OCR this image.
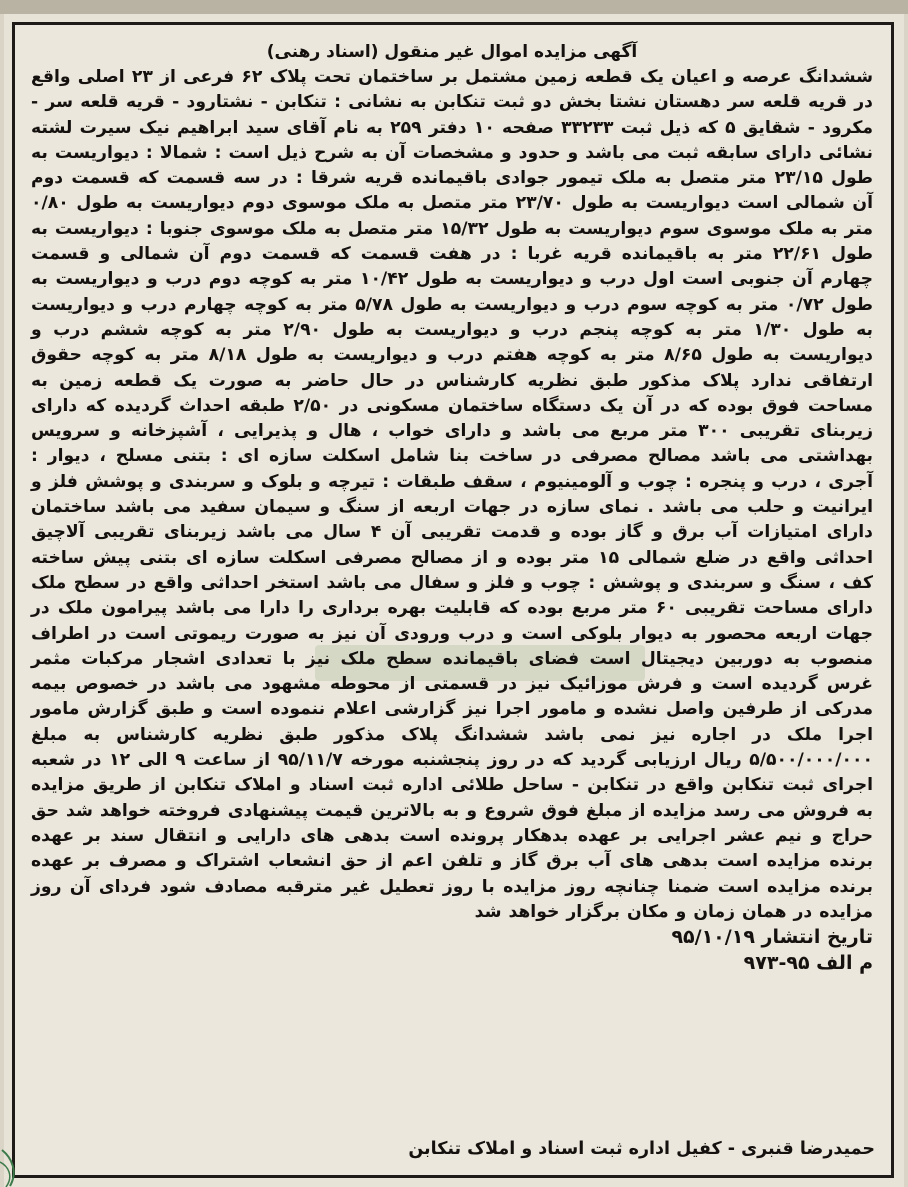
آگهی مزایده اموال غیر منقول (اسناد رهنی)

ششدانگ عرصه و اعیان یک قطعه زمین مشتمل بر ساختمان تحت پلاک ۶۲ فرعی از ۲۳ اصلی واقع در قریه قلعه سر دهستان نشتا بخش دو ثبت تنکابن به نشانی : تنکابن - نشتارود - قریه قلعه سر - مکرود - شقایق ۵ که ذیل ثبت ۳۳۲۳۳ صفحه ۱۰ دفتر ۲۵۹ به نام آقای سید ابراهیم نیک سیرت لشته نشائی دارای سابقه ثبت می باشد و حدود و مشخصات آن به شرح ذیل است : شمالا : دیواریست به طول ۲۳/۱۵ متر متصل به ملک تیمور جوادی باقیمانده قریه شرقا : در سه قسمت که قسمت دوم آن شمالی است دیواریست به طول ۲۳/۷۰ متر متصل به ملک موسوی دوم دیواریست به طول ۰/۸۰ متر به ملک موسوی سوم دیواریست به طول ۱۵/۳۲ متر متصل به ملک موسوی جنوبا : دیواریست به طول ۲۲/۶۱ متر به باقیمانده قریه غربا : در هفت قسمت که قسمت دوم آن شمالی و قسمت چهارم آن جنوبی است اول درب و دیواریست به طول ۱۰/۴۲ متر به کوچه دوم درب و دیواریست به طول ۰/۷۲ متر به کوچه سوم درب و دیواریست به طول ۵/۷۸ متر به کوچه چهارم درب و دیواریست به طول ۱/۳۰ متر به کوچه پنجم درب و دیواریست به طول ۲/۹۰ متر به کوچه ششم درب و دیواریست به طول ۸/۶۵ متر به کوچه هفتم درب و دیواریست به طول ۸/۱۸ متر به کوچه حقوق ارتفاقی ندارد پلاک مذکور طبق نظریه کارشناس در حال حاضر به صورت یک قطعه زمین به مساحت فوق بوده که در آن یک دستگاه ساختمان مسکونی در ۲/۵۰ طبقه احداث گردیده که دارای زیربنای تقریبی ۳۰۰ متر مربع می باشد و دارای خواب ، هال و پذیرایی ، آشپزخانه و سرویس بهداشتی می باشد مصالح مصرفی در ساخت بنا شامل اسکلت سازه ای : بتنی مسلح ، دیوار : آجری ، درب و پنجره : چوب و آلومینیوم ، سقف طبقات : تیرچه و بلوک و سربندی و پوشش فلز و ایرانیت و حلب می باشد . نمای سازه در جهات اربعه از سنگ و سیمان سفید می باشد ساختمان دارای امتیازات آب برق و گاز بوده و قدمت تقریبی آن ۴ سال می باشد زیربنای تقریبی آلاچیق احداثی واقع در ضلع شمالی ۱۵ متر بوده و از مصالح مصرفی اسکلت سازه ای بتنی پیش ساخته کف ، سنگ و سربندی و پوشش : چوب و فلز و سفال می باشد استخر احداثی واقع در سطح ملک دارای مساحت تقریبی ۶۰ متر مربع بوده که قابلیت بهره برداری را دارا می باشد پیرامون ملک در جهات اربعه محصور به دیوار بلوکی است و درب ورودی آن نیز به صورت ریموتی است در اطراف منصوب به دوربین دیجیتال است فضای باقیمانده سطح ملک نیز با تعدادی اشجار مرکبات مثمر غرس گردیده است و فرش موزائیک نیز در قسمتی از محوطه مشهود می باشد در خصوص بیمه مدرکی از طرفین واصل نشده و مامور اجرا نیز گزارشی اعلام ننموده است و طبق گزارش مامور اجرا ملک در اجاره نیز نمی باشد ششدانگ پلاک مذکور طبق نظریه کارشناس به مبلغ ۵/۵۰۰/۰۰۰/۰۰۰ ریال ارزیابی گردید که در روز پنجشنبه مورخه ۹۵/۱۱/۷ از ساعت ۹ الی ۱۲ در شعبه اجرای ثبت تنکابن واقع در تنکابن - ساحل طلائی اداره ثبت اسناد و املاک تنکابن از طریق مزایده به فروش می رسد مزایده از مبلغ فوق شروع و به بالاترین قیمت پیشنهادی فروخته خواهد شد حق حراج و نیم عشر اجرایی بر عهده بدهکار پرونده است بدهی های دارایی و انتقال سند بر عهده برنده مزایده است بدهی های آب برق گاز و تلفن اعم از حق انشعاب اشتراک و مصرف بر عهده برنده مزایده است ضمنا چنانچه روز مزایده با روز تعطیل غیر مترقبه مصادف شود فردای آن روز مزایده در همان زمان و مکان برگزار خواهد شد

تاریخ انتشار ۹۵/۱۰/۱۹

م الف ۹۵-۹۷۳

حمیدرضا قنبری - کفیل اداره ثبت اسناد و املاک تنکابن
